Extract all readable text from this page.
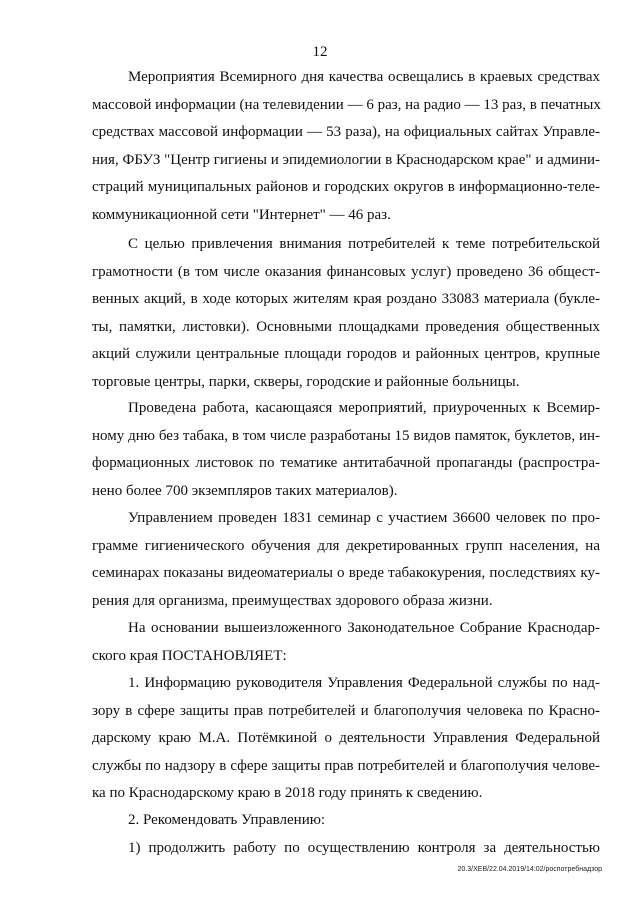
12
Мероприятия Всемирного дня качества освещались в краевых средствах
массовой информации (на телевидении — 6 раз, на радио — 13 раз, в печатных
средствах массовой информации — 53 раза), на официальных сайтах Управле-
ния, ФБУЗ "Центр гигиены и эпидемиологии в Краснодарском крае" и админи-
страций муниципальных районов и городских округов в информационно-теле-
коммуникационной сети "Интернет" — 46 раз.
С целью привлечения внимания потребителей к теме потребительской
грамотности (в том числе оказания финансовых услуг) проведено 36 общест-
венных акций, в ходе которых жителям края роздано 33083 материала (букле-
ты, памятки, листовки). Основными площадками проведения общественных
акций служили центральные площади городов и районных центров, крупные
торговые центры, парки, скверы, городские и районные больницы.
Проведена работа, касающаяся мероприятий, приуроченных к Всемир-
ному дню без табака, в том числе разработаны 15 видов памяток, буклетов, ин-
формационных листовок по тематике антитабачной пропаганды (распростра-
нено более 700 экземпляров таких материалов).
Управлением проведен 1831 семинар с участием 36600 человек по про-
грамме гигиенического обучения для декретированных групп населения, на
семинарах показаны видеоматериалы о вреде табакокурения, последствиях ку-
рения для организма, преимуществах здорового образа жизни.
На основании вышеизложенного Законодательное Собрание Краснодар-
ского края ПОСТАНОВЛЯЕТ:
1. Информацию руководителя Управления Федеральной службы по над-
зору в сфере защиты прав потребителей и благополучия человека по Красно-
дарскому краю М.А. Потёмкиной о деятельности Управления Федеральной
службы по надзору в сфере защиты прав потребителей и благополучия челове-
ка по Краснодарскому краю в 2018 году принять к сведению.
2. Рекомендовать Управлению:
1) продолжить работу по осуществлению контроля за деятельностью
20.3/ХЕВ/22.04.2019/14:02/роспотребнадзор
